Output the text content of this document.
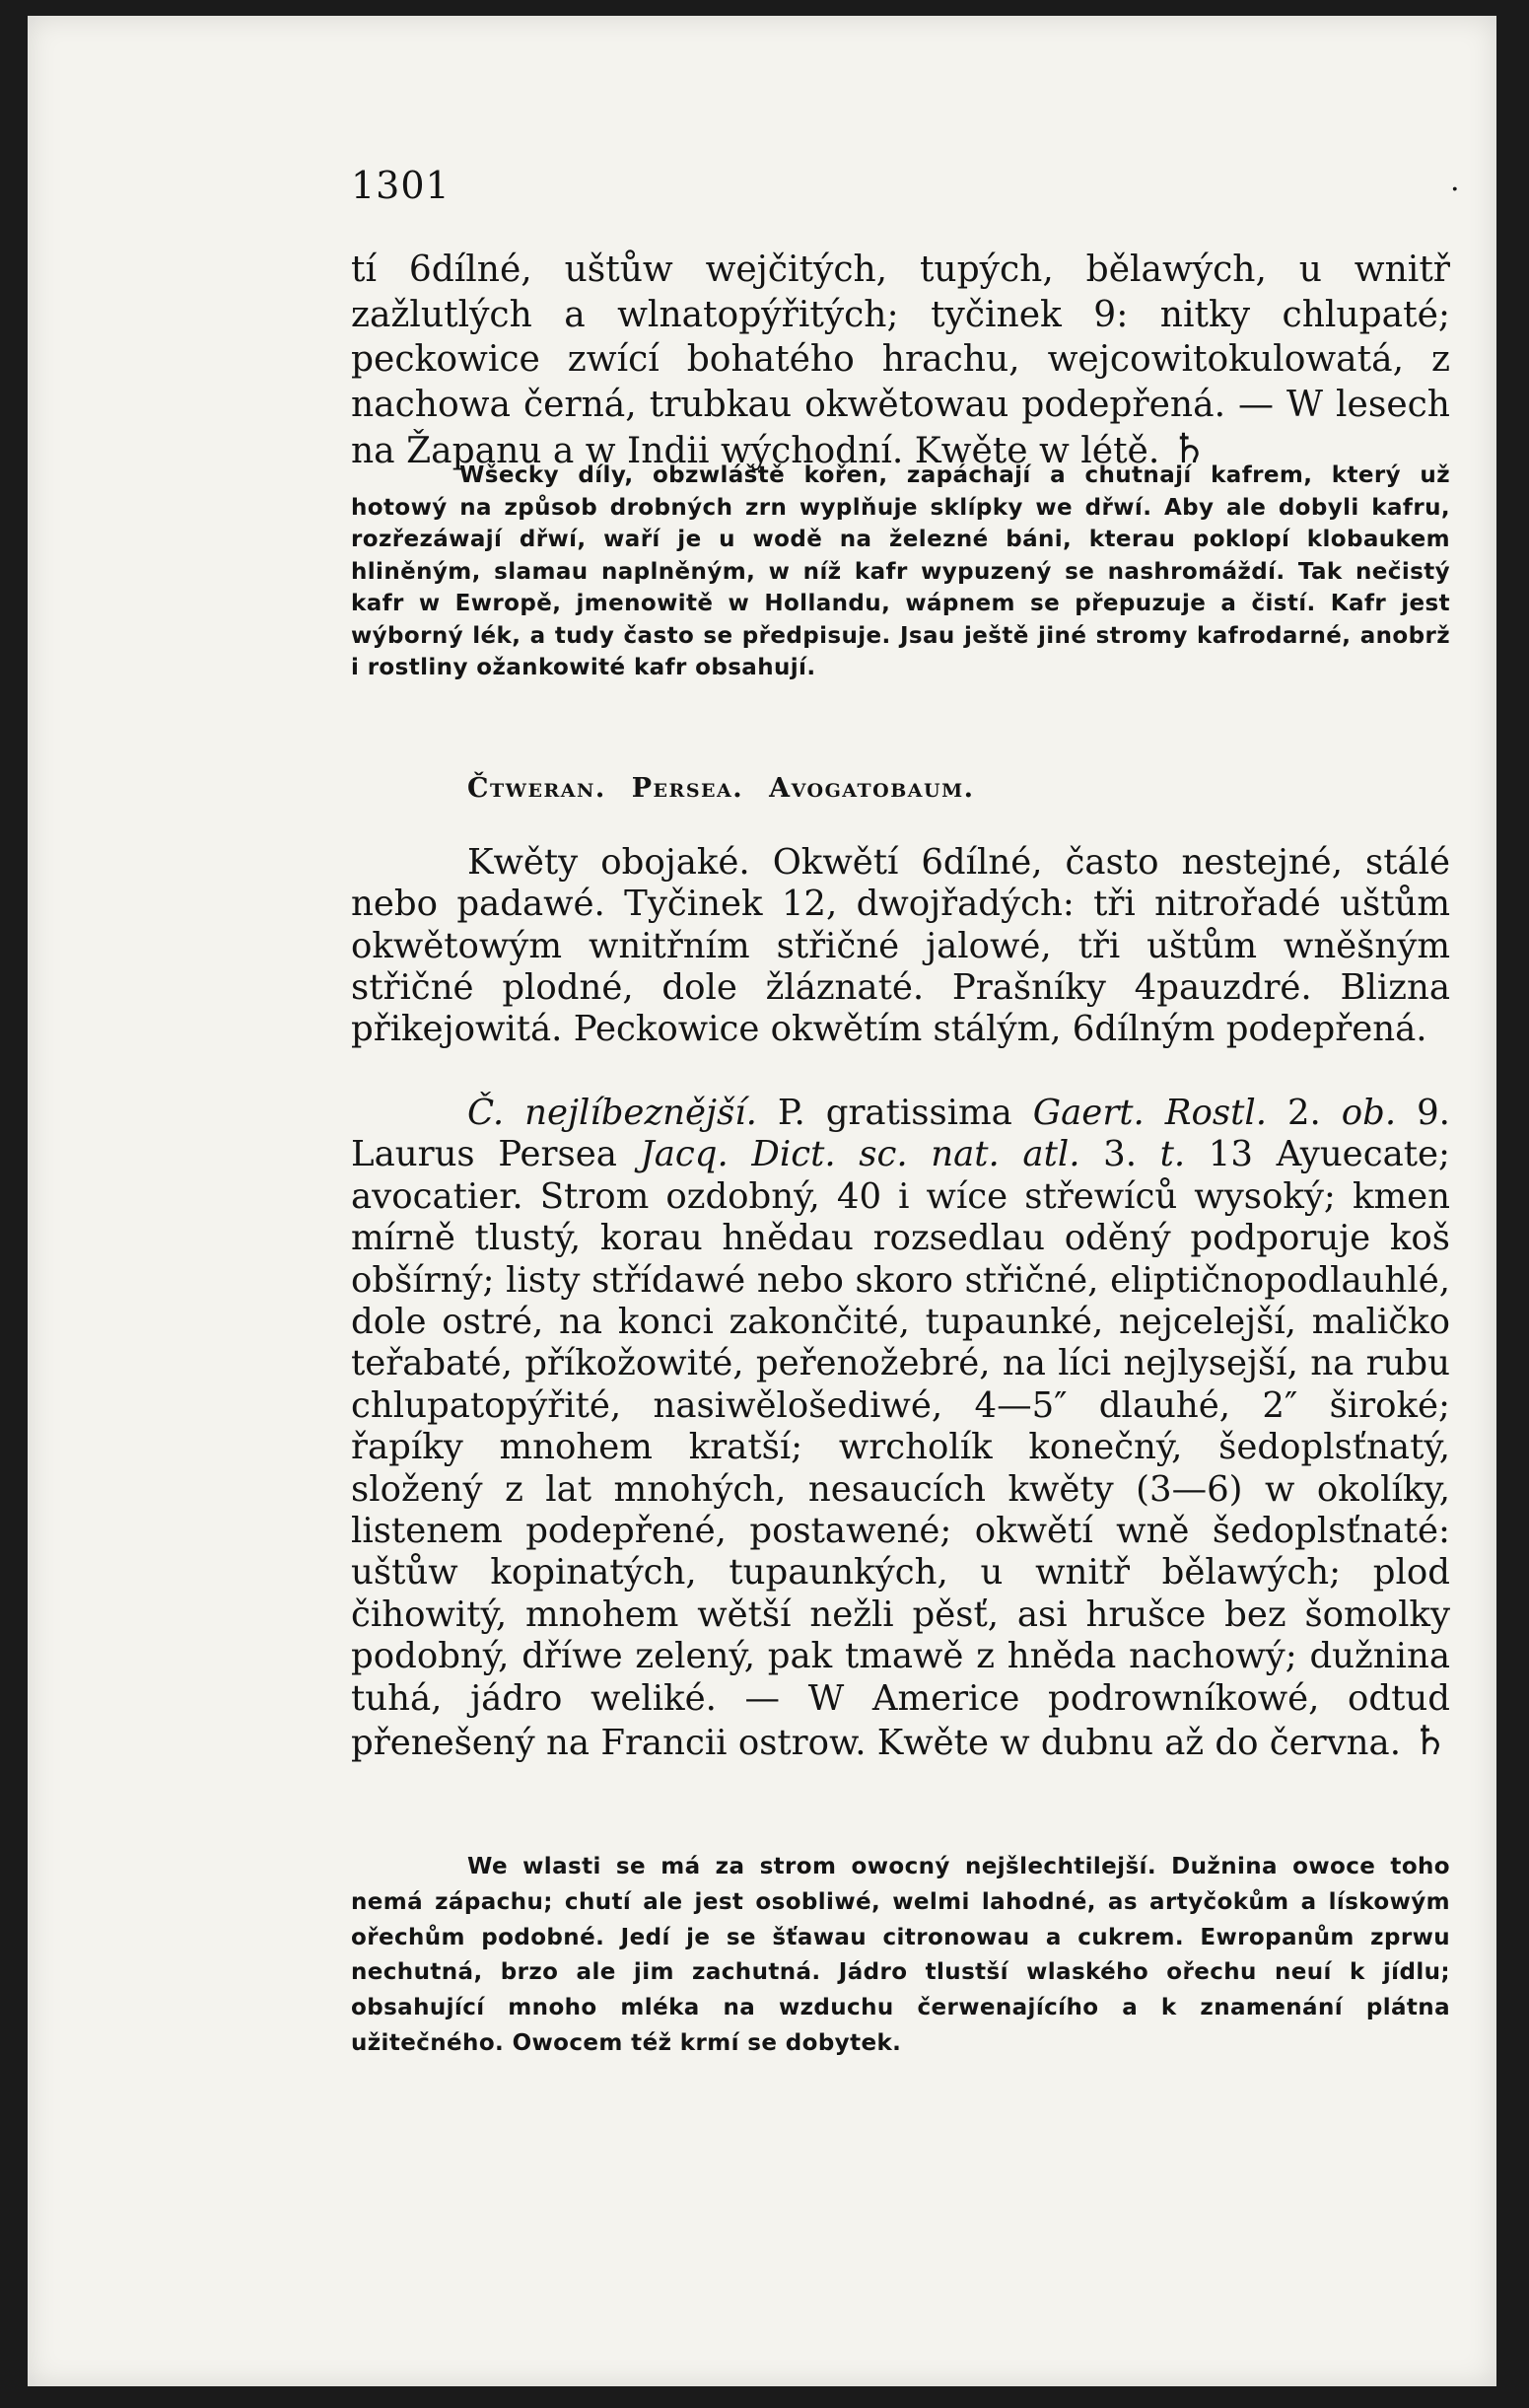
1301	.

tí 6dílné, uštůw wejčitých, tupých, bělawých, u wnitř zažlutlých a wlnatopýřitých; tyčinek 9: nitky chlupaté; peckowice zwící bohatého hrachu, wejcowitokulowatá, z nachowa černá, trubkau okwětowau podepřená. — W lesech na Žapanu a w Indii wýchodní. Kwěte w létě. ♄

Wšecky díly, obzwláště kořen, zapáchají a chutnají kafrem, který už hotowý na způsob drobných zrn wyplňuje sklípky we dřwí. Aby ale dobyli kafru, rozřezáwají dřwí, waří je u wodě na železné báni, kterau poklopí klobaukem hliněným, slamau naplněným, w níž kafr wypuzený se nashromáždí. Tak nečistý kafr w Ewropě, jmenowitě w Hollandu, wápnem se přepuzuje a čistí. Kafr jest wýborný lék, a tudy často se předpisuje. Jsau ještě jiné stromy kafrodarné, anobrž i rostliny ožankowité kafr obsahují.

Čtweran. Persea. Avogatobaum.

Kwěty obojaké. Okwětí 6dílné, často nestejné, stálé nebo padawé. Tyčinek 12, dwojřadých: tři nitrořadé uštům okwětowým wnitřním střičné jalowé, tři uštům wněšným střičné plodné, dole žláznaté. Prašníky 4pauzdré. Blizna přikejowitá. Peckowice okwětím stálým, 6dílným podepřená.

Č. nejlíbeznější. P. gratissima Gaert. Rostl. 2. ob. 9. Laurus Persea Jacq. Dict. sc. nat. atl. 3. t. 13 Ayuecate; avocatier. Strom ozdobný, 40 i wíce střewíců wysoký; kmen mírně tlustý, korau hnědau rozsedlau oděný podporuje koš obšírný; listy střídawé nebo skoro střičné, eliptičnopodlauhlé, dole ostré, na konci zakončité, tupaunké, nejcelejší, maličko teřabaté, příkožowité, peřenožebré, na líci nejlysejší, na rubu chlupatopýřité, nasiwělošediwé, 4—5″ dlauhé, 2″ široké; řapíky mnohem kratší; wrcholík konečný, šedoplsťnatý, složený z lat mnohých, nesaucích kwěty (3—6) w okolíky, listenem podepřené, postawené; okwětí wně šedoplsťnaté: uštůw kopinatých, tupaunkých, u wnitř bělawých; plod čihowitý, mnohem wětší nežli pěsť, asi hrušce bez šomolky podobný, dříwe zelený, pak tmawě z hněda nachowý; dužnina tuhá, jádro weliké. — W Americe podrowníkowé, odtud přenešený na Francii ostrow. Kwěte w dubnu až do června. ♄

We wlasti se má za strom owocný nejšlechtilejší. Dužnina owoce toho nemá zápachu; chutí ale jest osobliwé, welmi lahodné, as artyčokům a lískowým ořechům podobné. Jedí je se šťawau citronowau a cukrem. Ewropanům zprwu nechutná, brzo ale jim zachutná. Jádro tlustší wlaského ořechu neuí k jídlu; obsahující mnoho mléka na wzduchu čerwenajícího a k znamenání plátna užitečného. Owocem též krmí se dobytek.
